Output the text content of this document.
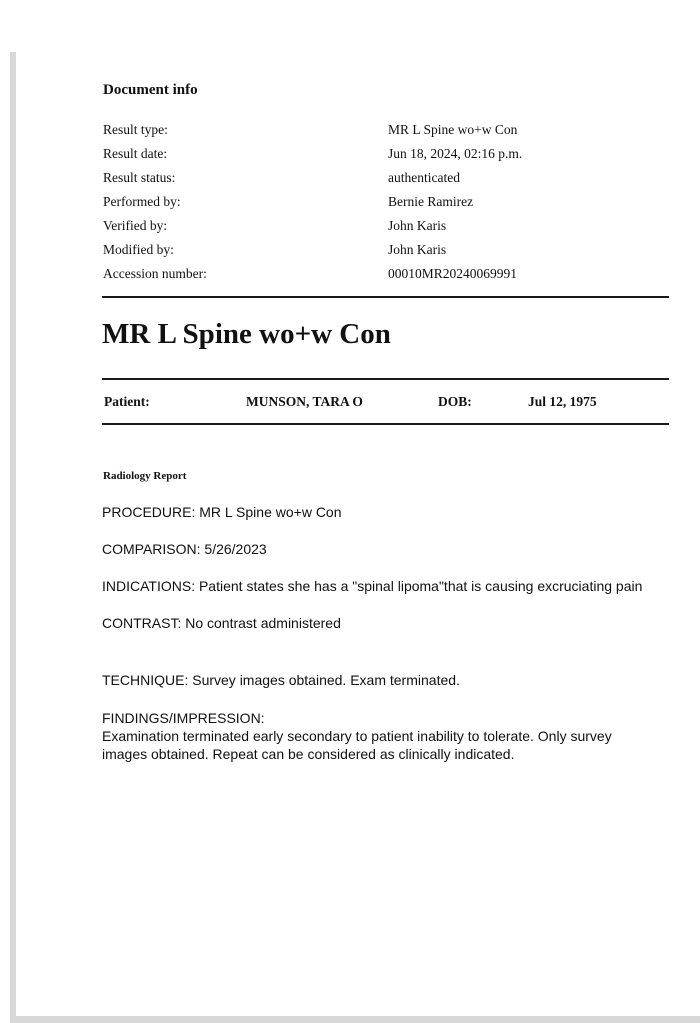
Document info
Result type:	MR L Spine wo+w Con
Result date:	Jun 18, 2024, 02:16 p.m.
Result status:	authenticated
Performed by:	Bernie Ramirez
Verified by:	John Karis
Modified by:	John Karis
Accession number:	00010MR20240069991
MR L Spine wo+w Con
Patient:	MUNSON, TARA O	DOB:	Jul 12, 1975
Radiology Report
PROCEDURE: MR L Spine wo+w Con
COMPARISON: 5/26/2023
INDICATIONS: Patient states she has a "spinal lipoma"that is causing excruciating pain
CONTRAST: No contrast administered
TECHNIQUE: Survey images obtained. Exam terminated.
FINDINGS/IMPRESSION:
Examination terminated early secondary to patient inability to tolerate. Only survey
images obtained. Repeat can be considered as clinically indicated.
